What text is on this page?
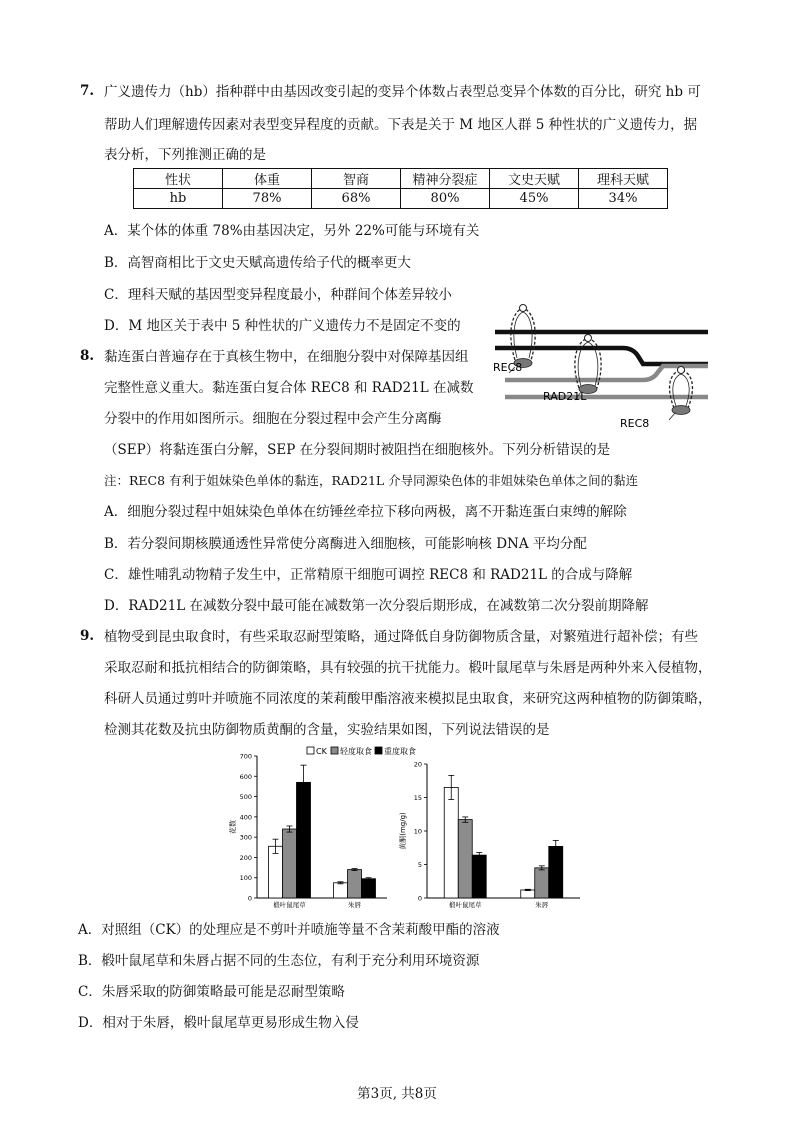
7. 广义遗传力（hb）指种群中由基因改变引起的变异个体数占表型总变异个体数的百分比，研究 hb 可
帮助人们理解遗传因素对表型变异程度的贡献。下表是关于 M 地区人群 5 种性状的广义遗传力，据
表分析，下列推测正确的是
性状	体重	智商	精神分裂症	文史天赋	理科天赋
hb	78%	68%	80%	45%	34%
A．某个体的体重 78%由基因决定，另外 22%可能与环境有关
B．高智商相比于文史天赋高遗传给子代的概率更大
C．理科天赋的基因型变异程度最小，种群间个体差异较小
D．M 地区关于表中 5 种性状的广义遗传力不是固定不变的
8. 黏连蛋白普遍存在于真核生物中，在细胞分裂中对保障基因组
完整性意义重大。黏连蛋白复合体 REC8 和 RAD21L 在减数
分裂中的作用如图所示。细胞在分裂过程中会产生分离酶
（SEP）将黏连蛋白分解，SEP 在分裂间期时被阻挡在细胞核外。下列分析错误的是
注：REC8 有利于姐妹染色单体的黏连，RAD21L 介导同源染色体的非姐妹染色单体之间的黏连
REC8
RAD21L
REC8
A．细胞分裂过程中姐妹染色单体在纺锤丝牵拉下移向两极，离不开黏连蛋白束缚的解除
B．若分裂间期核膜通透性异常使分离酶进入细胞核，可能影响核 DNA 平均分配
C．雄性哺乳动物精子发生中，正常精原干细胞可调控 REC8 和 RAD21L 的合成与降解
D．RAD21L 在减数分裂中最可能在减数第一次分裂后期形成，在减数第二次分裂前期降解
9. 植物受到昆虫取食时，有些采取忍耐型策略，通过降低自身防御物质含量，对繁殖进行超补偿；有些
采取忍耐和抵抗相结合的防御策略，具有较强的抗干扰能力。椴叶鼠尾草与朱唇是两种外来入侵植物，
科研人员通过剪叶并喷施不同浓度的茉莉酸甲酯溶液来模拟昆虫取食，来研究这两种植物的防御策略，
检测其花数及抗虫防御物质黄酮的含量，实验结果如图，下列说法错误的是
CK 轻度取食 重度取食
0
100
200
300
400
500
600
700
花数
椴叶鼠尾草	朱唇
0
5
10
15
20
黄酮(mg/g)
椴叶鼠尾草	朱唇
A．对照组（CK）的处理应是不剪叶并喷施等量不含茉莉酸甲酯的溶液
B．椴叶鼠尾草和朱唇占据不同的生态位，有利于充分利用环境资源
C．朱唇采取的防御策略最可能是忍耐型策略
D．相对于朱唇，椴叶鼠尾草更易形成生物入侵
第3页, 共8页
